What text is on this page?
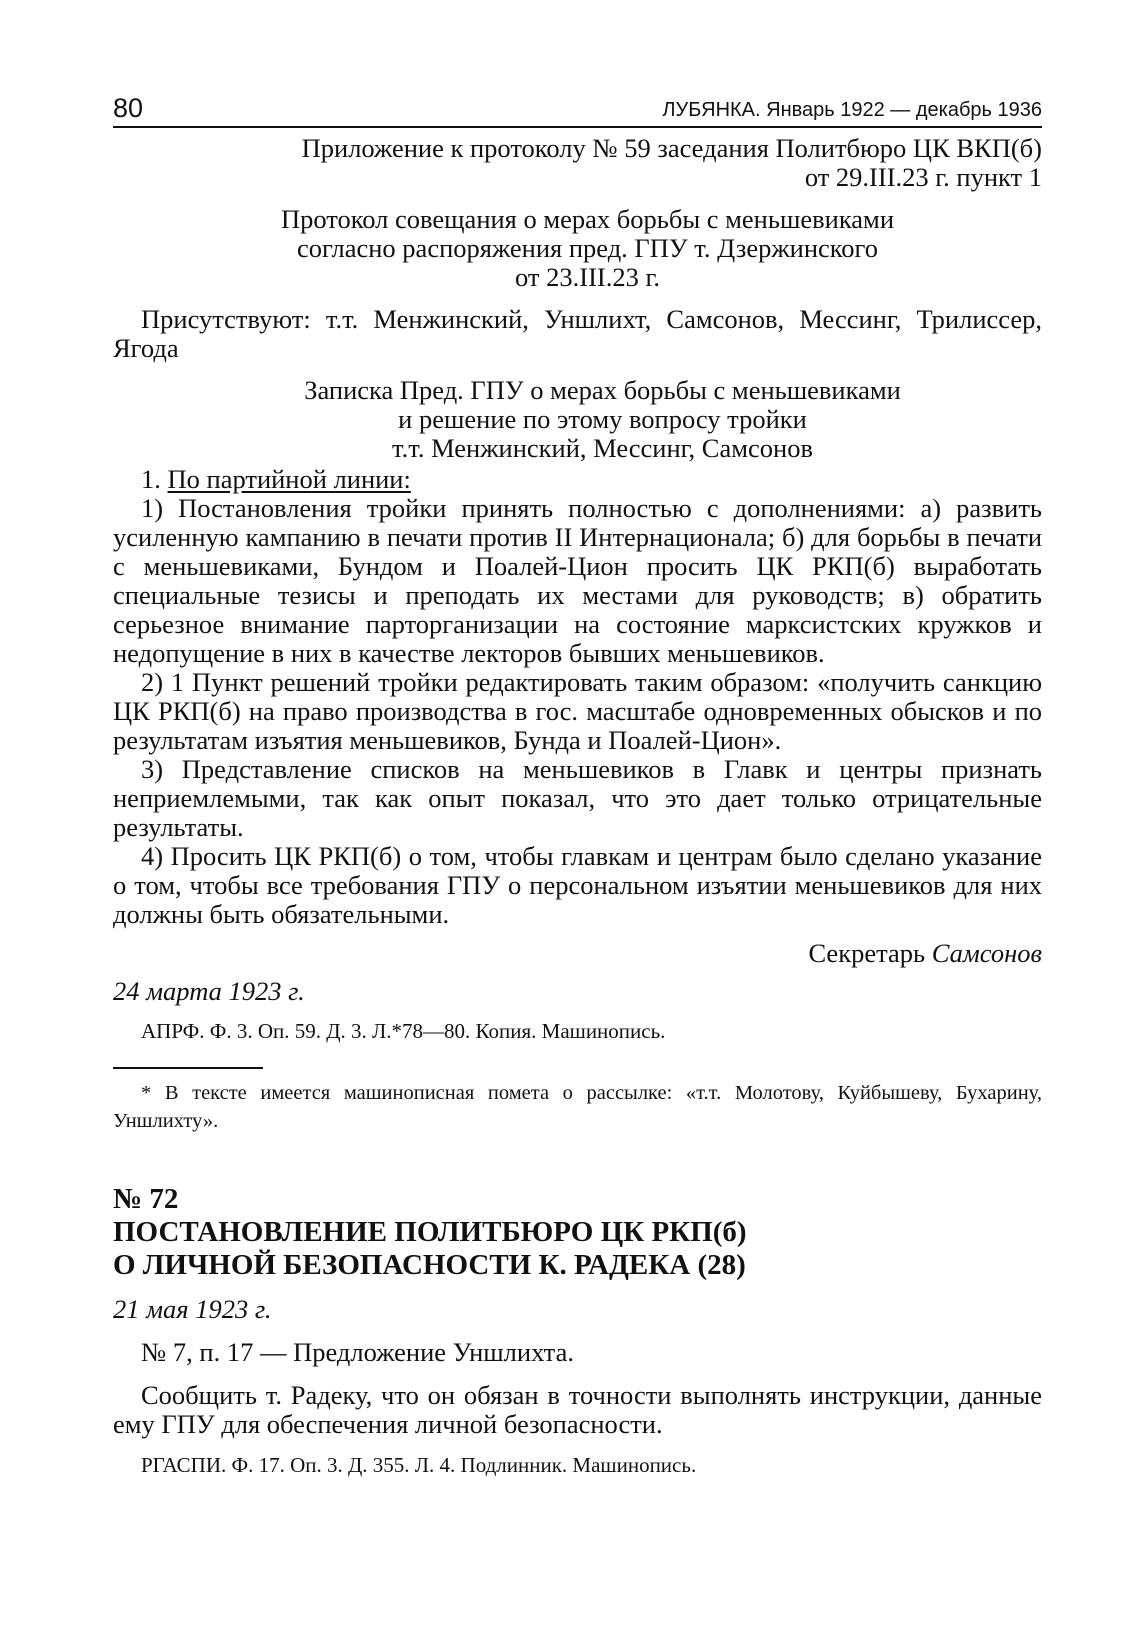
80	ЛУБЯНКА. Январь 1922 — декабрь 1936

Приложение к протоколу № 59 заседания Политбюро ЦК ВКП(б)

от 29.III.23 г. пункт 1

Протокол совещания о мерах борьбы с меньшевиками

согласно распоряжения пред. ГПУ т. Дзержинского

от 23.III.23 г.

Присутствуют: т.т. Менжинский, Уншлихт, Самсонов, Мессинг, Трилиссер, Ягода

Записка Пред. ГПУ о мерах борьбы с меньшевиками

и решение по этому вопросу тройки

т.т. Менжинский, Мессинг, Самсонов

1. По партийной линии:

1) Постановления тройки принять полностью с дополнениями: а) развить усиленную кампанию в печати против II Интернационала; б) для борьбы в печати с меньшевиками, Бундом и Поалей-Цион просить ЦК РКП(б) выработать специальные тезисы и преподать их местами для руководств; в) обратить серьезное внимание парторганизации на состояние марксистских кружков и недопущение в них в качестве лекторов бывших меньшевиков.

2) 1 Пункт решений тройки редактировать таким образом: «получить санкцию ЦК РКП(б) на право производства в гос. масштабе одновременных обысков и по результатам изъятия меньшевиков, Бунда и Поалей-Цион».

3) Представление списков на меньшевиков в Главк и центры признать неприемлемыми, так как опыт показал, что это дает только отрицательные результаты.

4) Просить ЦК РКП(б) о том, чтобы главкам и центрам было сделано указание о том, чтобы все требования ГПУ о персональном изъятии меньшевиков для них должны быть обязательными.

Секретарь Самсонов

24 марта 1923 г.

АПРФ. Ф. 3. Оп. 59. Д. 3. Л.*78—80. Копия. Машинопись.

* В тексте имеется машинописная помета о рассылке: «т.т. Молотову, Куйбышеву, Бухарину, Уншлихту».

№ 72

ПОСТАНОВЛЕНИЕ ПОЛИТБЮРО ЦК РКП(б)

О ЛИЧНОЙ БЕЗОПАСНОСТИ К. РАДЕКА (28)

21 мая 1923 г.

№ 7, п. 17 — Предложение Уншлихта.

Сообщить т. Радеку, что он обязан в точности выполнять инструкции, данные ему ГПУ для обеспечения личной безопасности.

РГАСПИ. Ф. 17. Оп. 3. Д. 355. Л. 4. Подлинник. Машинопись.
